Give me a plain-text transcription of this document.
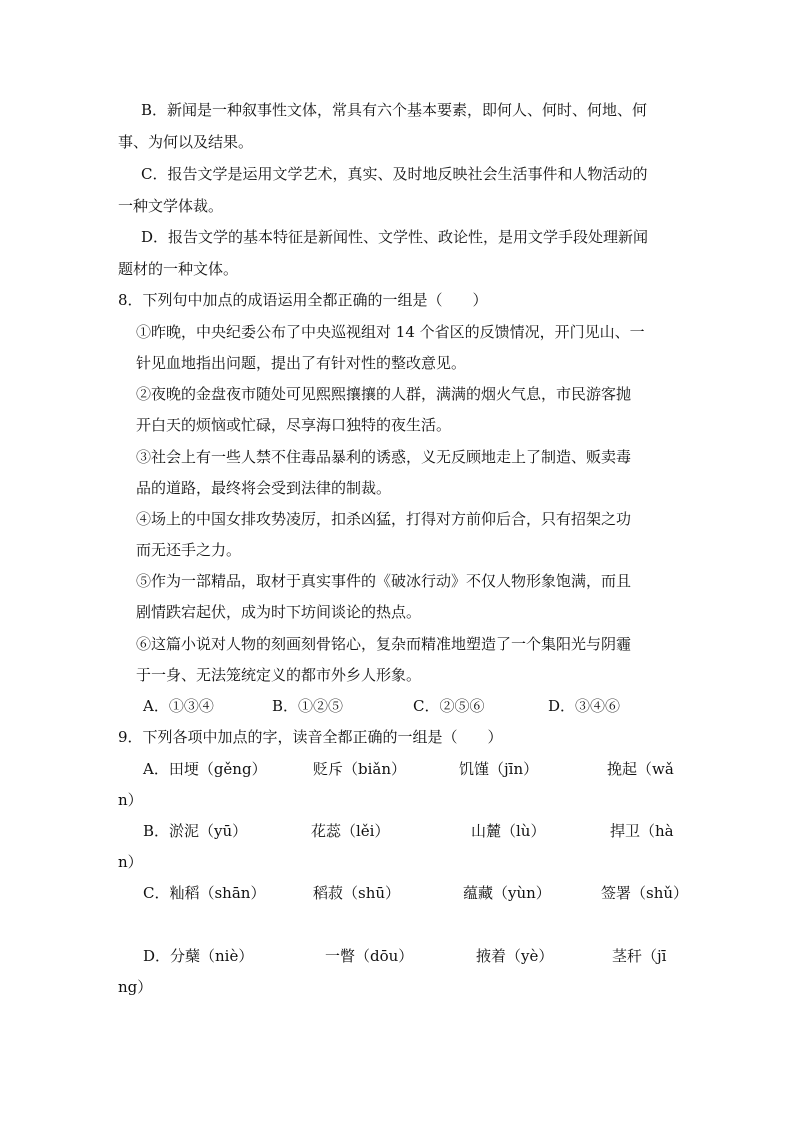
B．新闻是一种叙事性文体，常具有六个基本要素，即何人、何时、何地、何
事、为何以及结果。
C．报告文学是运用文学艺术，真实、及时地反映社会生活事件和人物活动的
一种文学体裁。
D．报告文学的基本特征是新闻性、文学性、政论性，是用文学手段处理新闻
题材的一种文体。
8．下列句中加点的成语运用全都正确的一组是（　　）
①昨晚，中央纪委公布了中央巡视组对 14 个省区的反馈情况，开门见山、一
针见血地指出问题，提出了有针对性的整改意见。
②夜晚的金盘夜市随处可见熙熙攘攘的人群，满满的烟火气息，市民游客抛
开白天的烦恼或忙碌，尽享海口独特的夜生活。
③社会上有一些人禁不住毒品暴利的诱惑，义无反顾地走上了制造、贩卖毒
品的道路，最终将会受到法律的制裁。
④场上的中国女排攻势凌厉，扣杀凶猛，打得对方前仰后合，只有招架之功
而无还手之力。
⑤作为一部精品，取材于真实事件的《破冰行动》不仅人物形象饱满，而且
剧情跌宕起伏，成为时下坊间谈论的热点。
⑥这篇小说对人物的刻画刻骨铭心，复杂而精准地塑造了一个集阳光与阴霾
于一身、无法笼统定义的都市外乡人形象。
A．①③④	B．①②⑤	C．②⑤⑥	D．③④⑥
9．下列各项中加点的字，读音全都正确的一组是（　　）
A．田埂（gěng）	贬斥（biǎn）	饥馑（jīn）	挽起（wǎ
n）
B．淤泥（yū）	花蕊（lěi）	山麓（lù）	捍卫（hà
n）
C．籼稻（shān）	稻菽（shū）	蕴藏（yùn）	签署（shǔ）
D．分蘖（niè）	一瞥（dōu）	掖着（yè）	茎秆（jī
ng）
